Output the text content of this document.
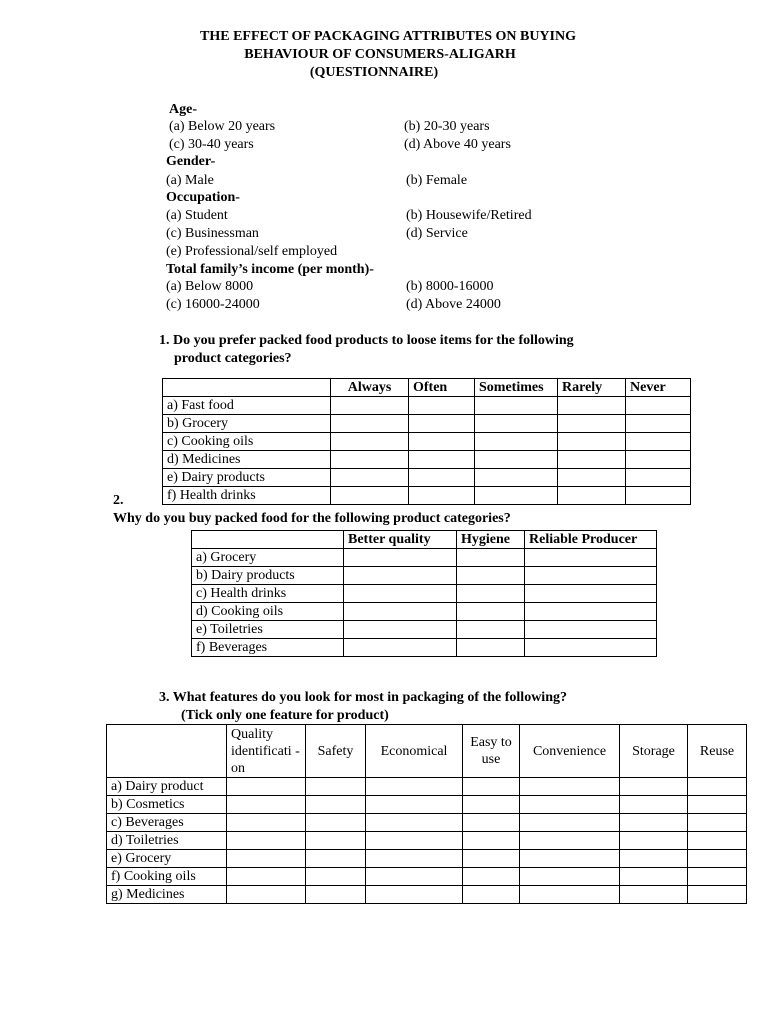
THE EFFECT OF PACKAGING ATTRIBUTES ON BUYING
BEHAVIOUR OF CONSUMERS-ALIGARH
(QUESTIONNAIRE)
Age-
(a) Below 20 years	(b) 20-30 years
(c) 30-40 years	(d) Above 40 years
Gender-
(a) Male	(b) Female
Occupation-
(a) Student	(b) Housewife/Retired
(c) Businessman	(d) Service
(e) Professional/self employed
Total family’s income (per month)-
(a) Below 8000	(b) 8000-16000
(c) 16000-24000	(d) Above 24000
1. Do you prefer packed food products to loose items for the following
product categories?
	Always	Often	Sometimes	Rarely	Never
a) Fast food					
b) Grocery					
c) Cooking oils					
d) Medicines					
e) Dairy products					
f) Health drinks					
2.
Why do you buy packed food for the following product categories?
	Better quality	Hygiene	Reliable Producer
a) Grocery			
b) Dairy products			
c) Health drinks			
d) Cooking oils			
e) Toiletries			
f) Beverages			
3. What features do you look for most in packaging of the following?
(Tick only one feature for product)
	Quality identificati -on	Safety	Economical	Easy to use	Convenience	Storage	Reuse
a) Dairy product							
b) Cosmetics							
c) Beverages							
d) Toiletries							
e) Grocery							
f) Cooking oils							
g) Medicines							
